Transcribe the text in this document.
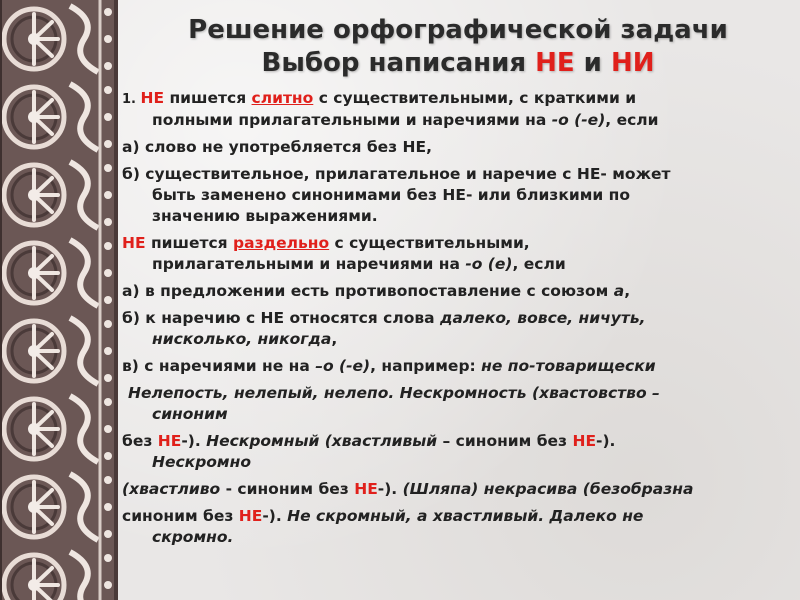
Решение орфографической задачи
Выбор написания НЕ и НИ

1. НЕ пишется слитно с существительными, с краткими и
полными прилагательными и наречиями на -о (-е), если

а) слово не употребляется без НЕ,

б) существительное, прилагательное и наречие с НЕ- может
быть заменено синонимами без НЕ- или близкими по
значению выражениями.

НЕ пишется раздельно с существительными,
прилагательными и наречиями на -о (е), если

а) в предложении есть противопоставление с союзом а,

б) к наречию с НЕ относятся слова далеко, вовсе, ничуть,
нисколько, никогда,

в) с наречиями не на –о (-е), например: не по-товарищески

Нелепость, нелепый, нелепо. Нескромность (хвастовство –
синоним

без НЕ-). Нескромный (хвастливый – синоним без НЕ-).
Нескромно

(хвастливо - синоним без НЕ-). (Шляпа) некрасива (безобразна

синоним без НЕ-). Не скромный, а хвастливый. Далеко не
скромно.
